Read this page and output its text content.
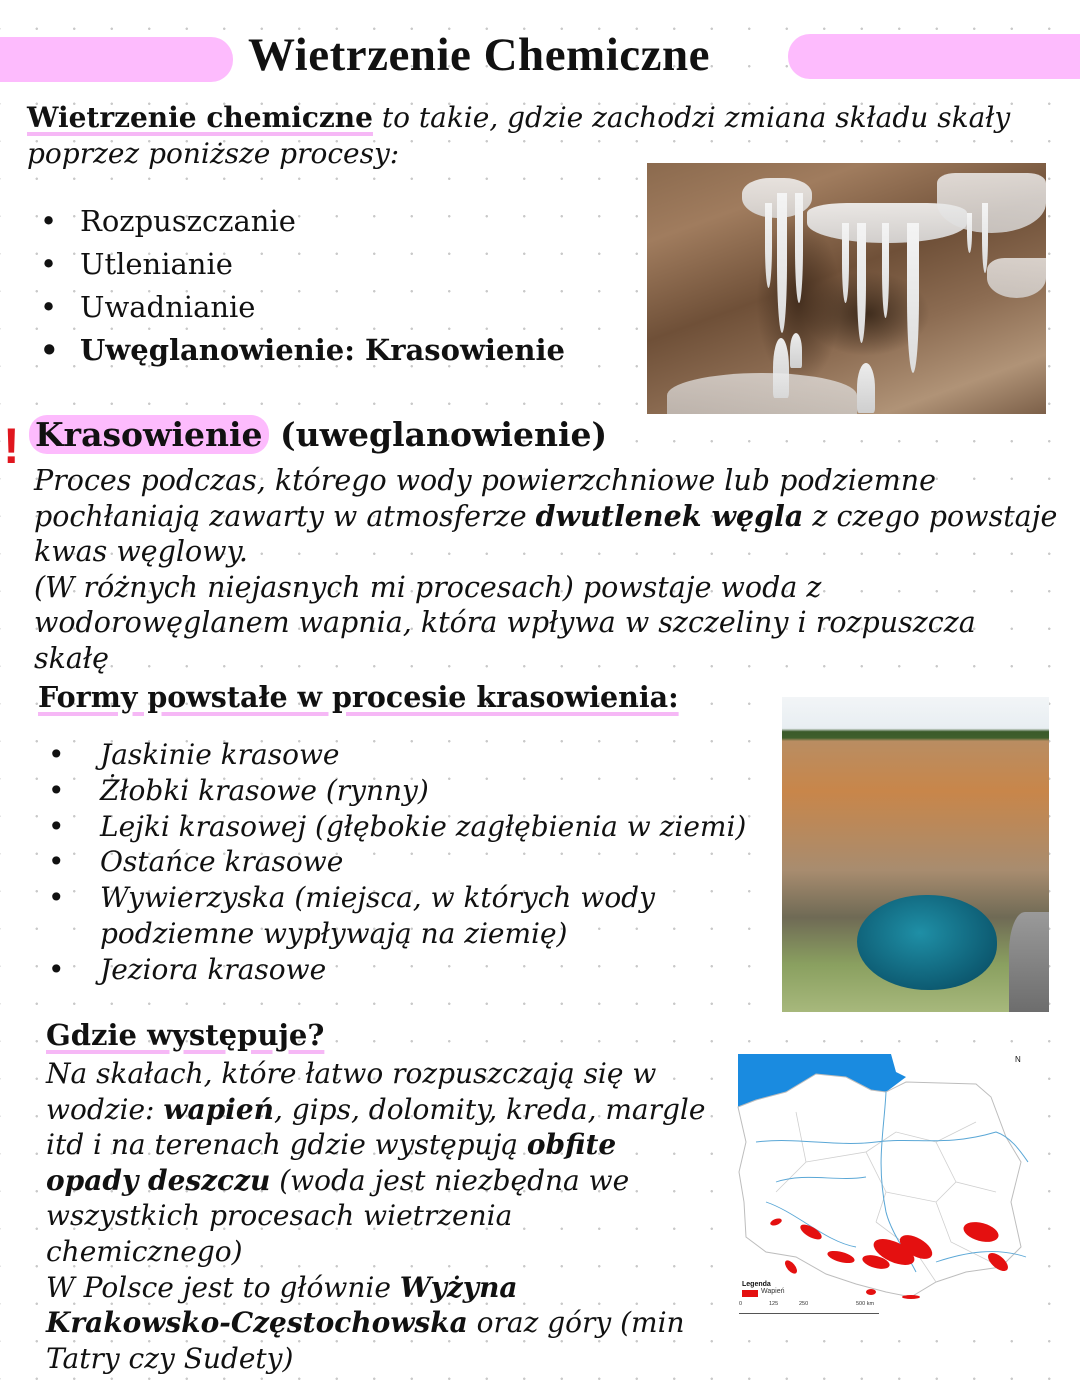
Wietrzenie Chemiczne
Wietrzenie chemiczne to takie, gdzie zachodzi zmiana składu skały poprzez poniższe procesy:
• Rozpuszczanie
• Utlenianie
• Uwadnianie
• Uwęglanowienie: Krasowienie
! Krasowienie (uweglanowienie)
Proces podczas, którego wody powierzchniowe lub podziemne pochłaniają zawarty w atmosferze dwutlenek węgla z czego powstaje kwas węglowy.
(W różnych niejasnych mi procesach) powstaje woda z wodorowęglanem wapnia, która wpływa w szczeliny i rozpuszcza skałę
Formy powstałe w procesie krasowienia:
• Jaskinie krasowe
• Żłobki krasowe (rynny)
• Lejki krasowej (głębokie zagłębienia w ziemi)
• Ostańce krasowe
• Wywierzyska (miejsca, w których wody podziemne wypływają na ziemię)
• Jeziora krasowe
Gdzie występuje?
Na skałach, które łatwo rozpuszczają się w wodzie: wapień, gips, dolomity, kreda, margle itd i na terenach gdzie występują obfite opady deszczu (woda jest niezbędna we wszystkich procesach wietrzenia chemicznego)
W Polsce jest to głównie Wyżyna Krakowsko-Częstochowska oraz góry (min Tatry czy Sudety)
N
Legenda
Wapień
0	125	250	500 km
